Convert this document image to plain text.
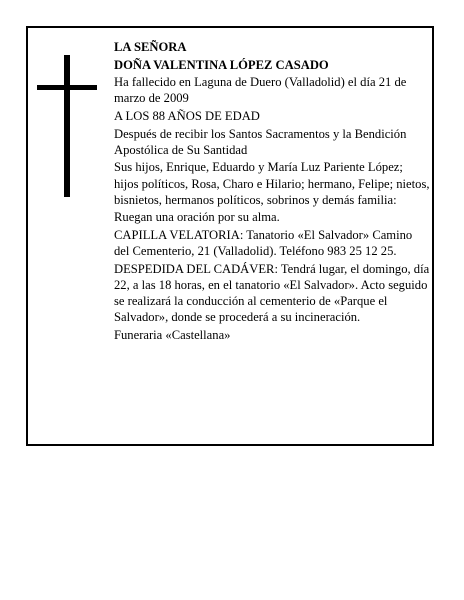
LA SEÑORA

DOÑA VALENTINA LÓPEZ CASADO

Ha fallecido en Laguna de Duero (Valladolid) el día 21 de marzo de 2009

A LOS 88 AÑOS DE EDAD

Después de recibir los Santos Sacramentos y la Bendición Apostólica de Su Santidad

Sus hijos, Enrique, Eduardo y María Luz Pariente López; hijos políticos, Rosa, Charo e Hilario; hermano, Felipe; nietos, bisnietos, hermanos políticos, sobrinos y demás familia:

Ruegan una oración por su alma.

CAPILLA VELATORIA: Tanatorio «El Salvador» Camino del Cementerio, 21 (Valladolid). Teléfono 983 25 12 25.

DESPEDIDA DEL CADÁVER: Tendrá lugar, el domingo, día 22, a las 18 horas, en el tanatorio «El Salvador». Acto seguido se realizará la conducción al cementerio de «Parque el Salvador», donde se procederá a su incineración.

Funeraria «Castellana»
